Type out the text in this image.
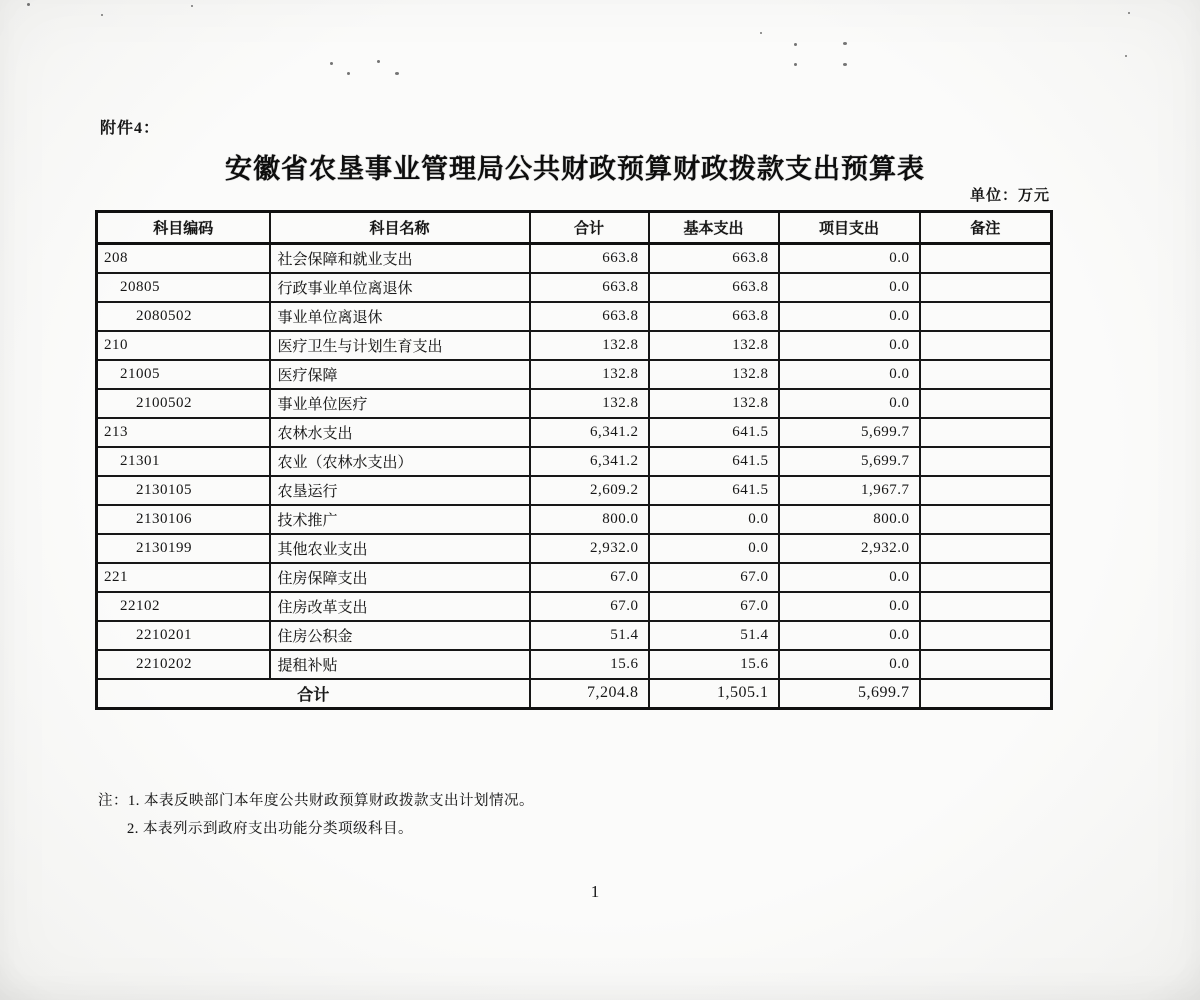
附件4：
安徽省农垦事业管理局公共财政预算财政拨款支出预算表
单位：万元
科目编码	科目名称	合计	基本支出	项目支出	备注
208	社会保障和就业支出	663.8	663.8	0.0	
20805	行政事业单位离退休	663.8	663.8	0.0	
2080502	事业单位离退休	663.8	663.8	0.0	
210	医疗卫生与计划生育支出	132.8	132.8	0.0	
21005	医疗保障	132.8	132.8	0.0	
2100502	事业单位医疗	132.8	132.8	0.0	
213	农林水支出	6,341.2	641.5	5,699.7	
21301	农业（农林水支出）	6,341.2	641.5	5,699.7	
2130105	农垦运行	2,609.2	641.5	1,967.7	
2130106	技术推广	800.0	0.0	800.0	
2130199	其他农业支出	2,932.0	0.0	2,932.0	
221	住房保障支出	67.0	67.0	0.0	
22102	住房改革支出	67.0	67.0	0.0	
2210201	住房公积金	51.4	51.4	0.0	
2210202	提租补贴	15.6	15.6	0.0	
合计		7,204.8	1,505.1	5,699.7	
注：1. 本表反映部门本年度公共财政预算财政拨款支出计划情况。
2. 本表列示到政府支出功能分类项级科目。
1
